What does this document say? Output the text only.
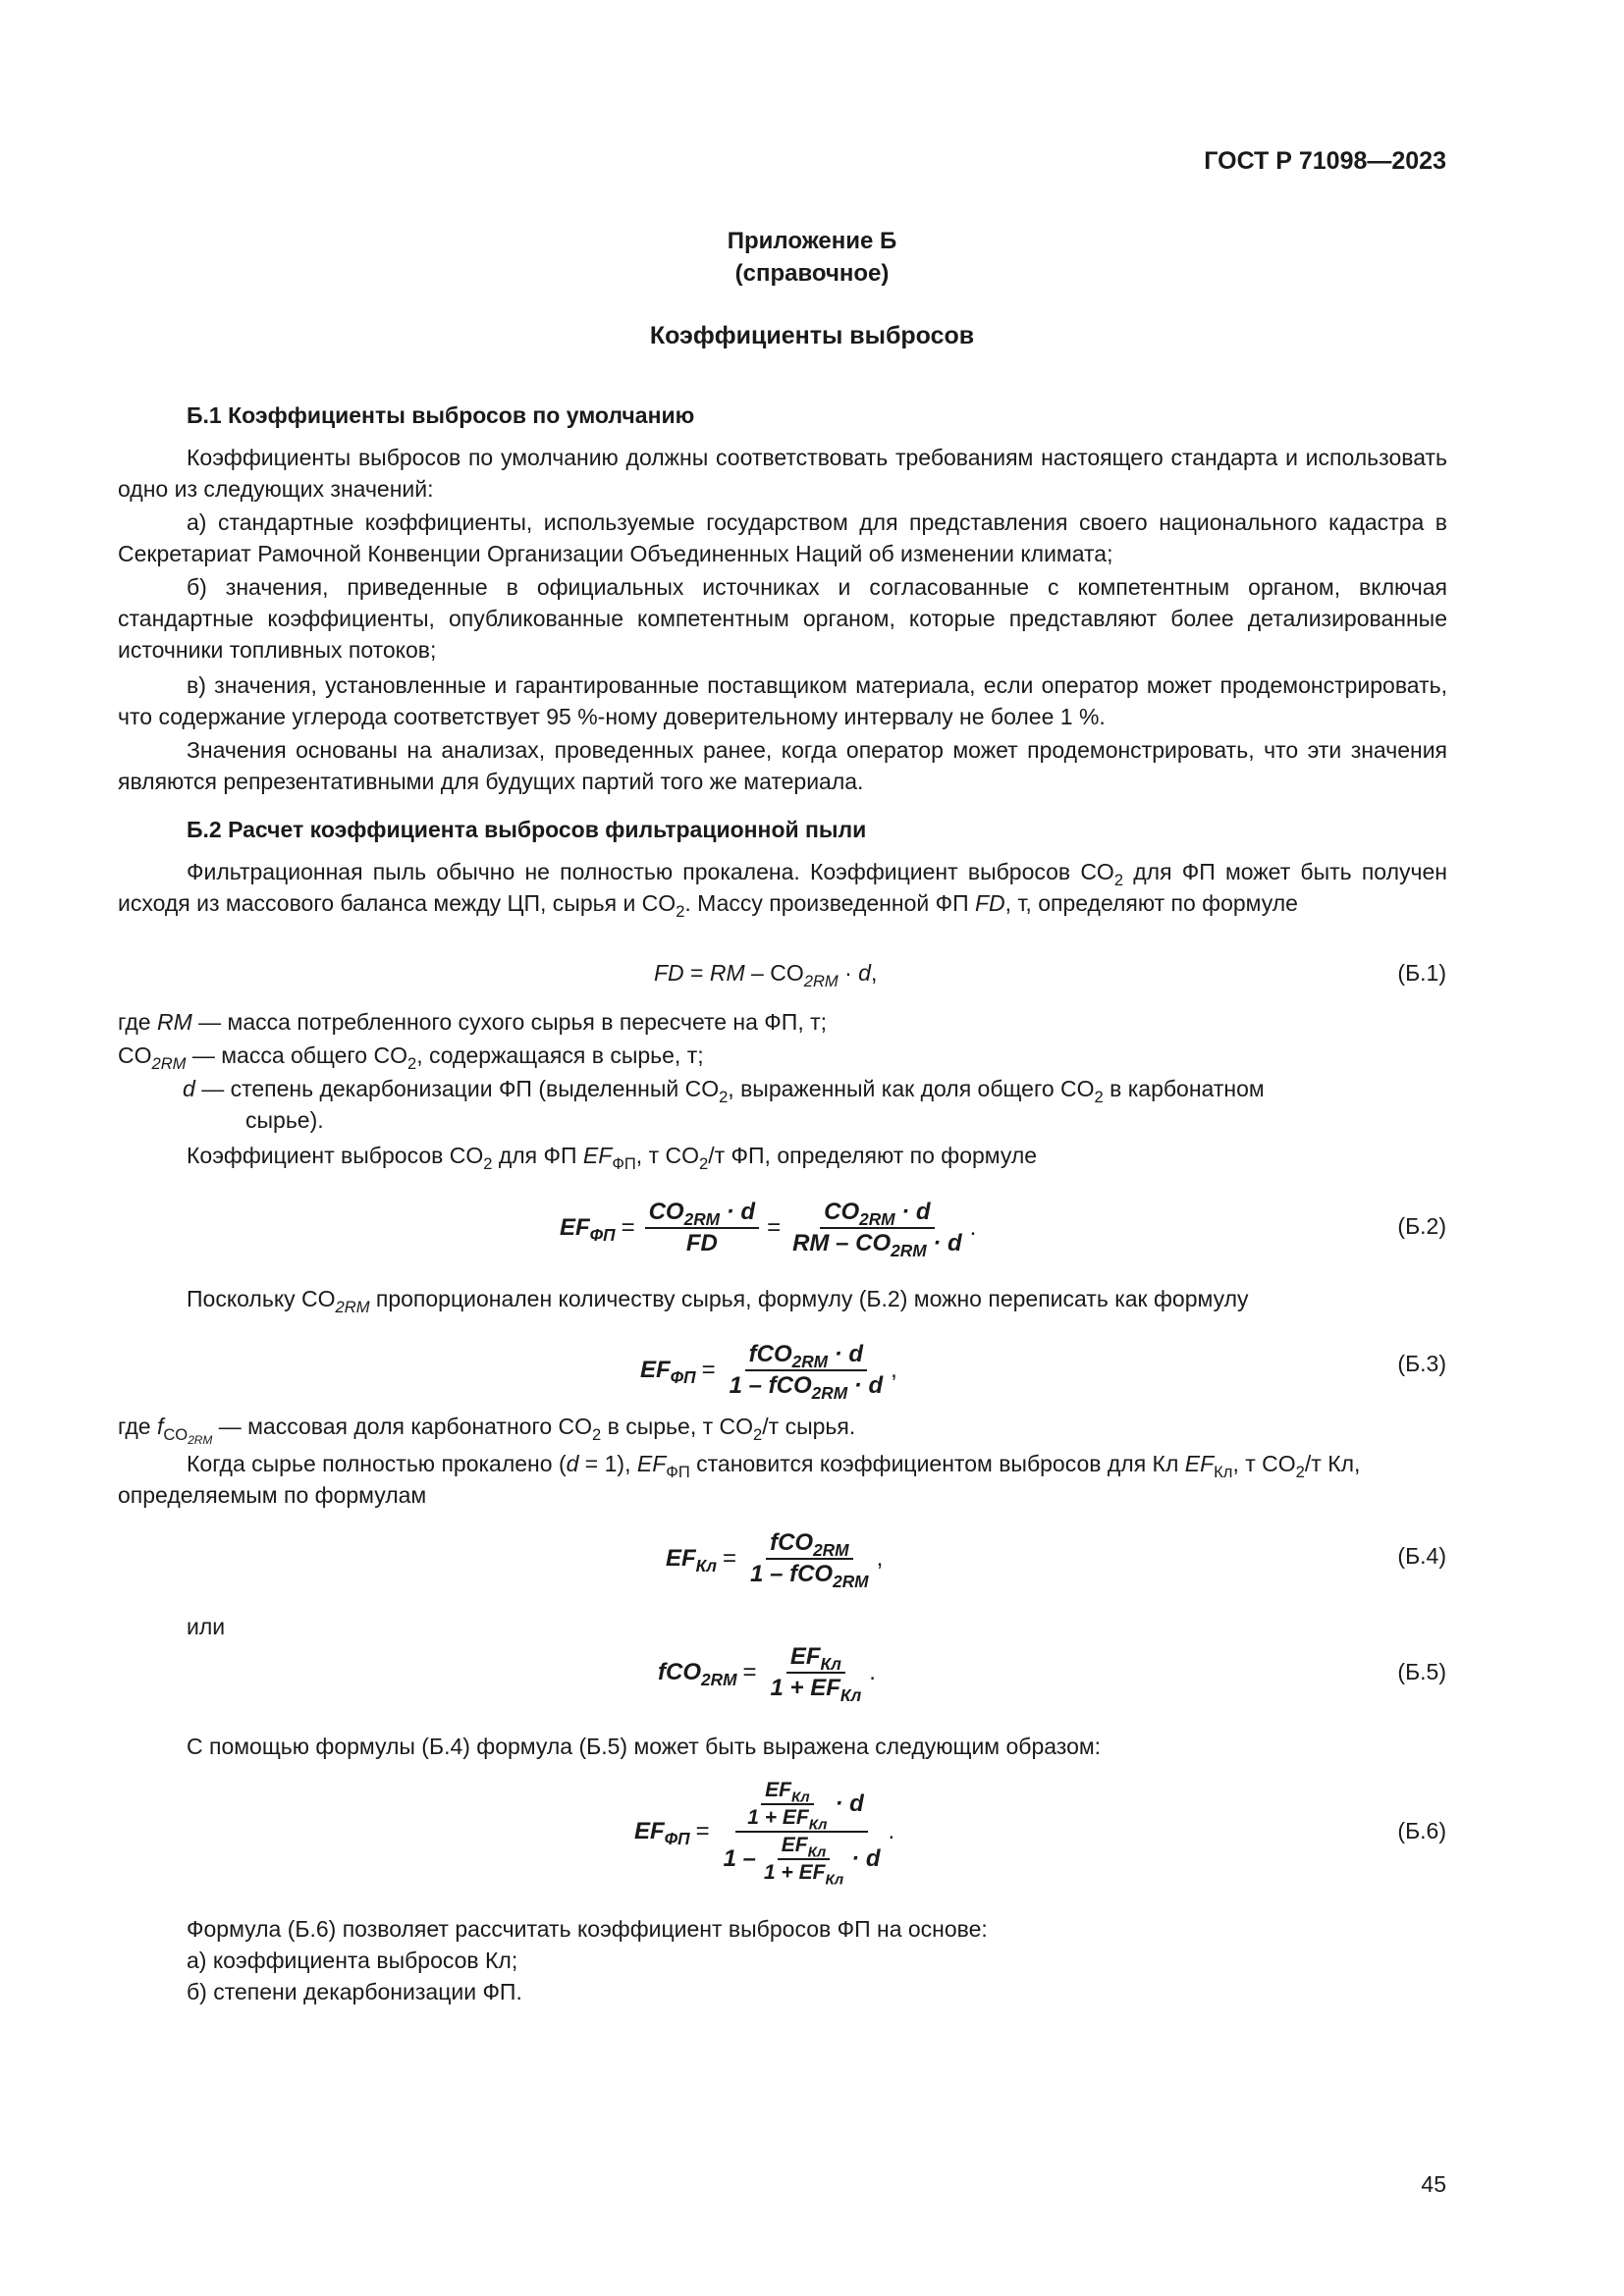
ГОСТ Р 71098—2023
Приложение Б
(справочное)
Коэффициенты выбросов
Б.1 Коэффициенты выбросов по умолчанию
Коэффициенты выбросов по умолчанию должны соответствовать требованиям настоящего стандарта и использовать одно из следующих значений:
а) стандартные коэффициенты, используемые государством для представления своего национального кадастра в Секретариат Рамочной Конвенции Организации Объединенных Наций об изменении климата;
б) значения, приведенные в официальных источниках и согласованные с компетентным органом, включая стандартные коэффициенты, опубликованные компетентным органом, которые представляют более детализированные источники топливных потоков;
в) значения, установленные и гарантированные поставщиком материала, если оператор может продемонстрировать, что содержание углерода соответствует 95 %-ному доверительному интервалу не более 1 %.
Значения основаны на анализах, проведенных ранее, когда оператор может продемонстрировать, что эти значения являются репрезентативными для будущих партий того же материала.
Б.2 Расчет коэффициента выбросов фильтрационной пыли
Фильтрационная пыль обычно не полностью прокалена. Коэффициент выбросов $CO_2$ для ФП может быть получен исходя из массового баланса между ЦП, сырья и $CO_2$. Массу произведенной ФП FD, т, определяют по формуле
FD = RM – $CO_{2RM} \cdot d$,	(Б.1)
где RM — масса потребленного сухого сырья в пересчете на ФП, т;
$CO_{2RM}$ — масса общего $CO_2$, содержащаяся в сырье, т;
d — степень декарбонизации ФП (выделенный $CO_2$, выраженный как доля общего $CO_2$ в карбонатном
сырье).
Коэффициент выбросов $CO_2$ для ФП $EF_{ФП}$, т $CO_2/т$ ФП, определяют по формуле
$EF_{ФП} = \frac{CO_{2RM} \cdot d}{FD} = \frac{CO_{2RM} \cdot d}{RM - CO_{2RM} \cdot d}$ .	(Б.2)
Поскольку $CO_{2RM}$ пропорционален количеству сырья, формулу (Б.2) можно переписать как формулу
$EF_{ФП} = \frac{fCO_{2RM} \cdot d}{1 - fCO_{2RM} \cdot d}$ ,	(Б.3)
где $f_{CO_{2RM}}$ — массовая доля карбонатного $CO_2$ в сырье, т $CO_2/т$ сырья.
Когда сырье полностью прокалено (d = 1), $EF_{ФП}$ становится коэффициентом выбросов для Кл $EF_{Кл}$, т $CO_2/т$ Кл,
определяемым по формулам
$EF_{Кл} = \frac{fCO_{2RM}}{1 - fCO_{2RM}}$ ,	(Б.4)
или
$fCO_{2RM} = \frac{EF_{Кл}}{1 + EF_{Кл}}$ .	(Б.5)
С помощью формулы (Б.4) формула (Б.5) может быть выражена следующим образом:
$EF_{ФП} = \frac{EF_{Кл}}{1 + EF_{Кл}}$ ·
d
$1 - \frac{EF_{Кл}}{1 + EF_{Кл}}$ ·
d .	(Б.6)
Формула (Б.6) позволяет рассчитать коэффициент выбросов ФП на основе:
а) коэффициента выбросов Кл;
б) степени декарбонизации ФП.
45
